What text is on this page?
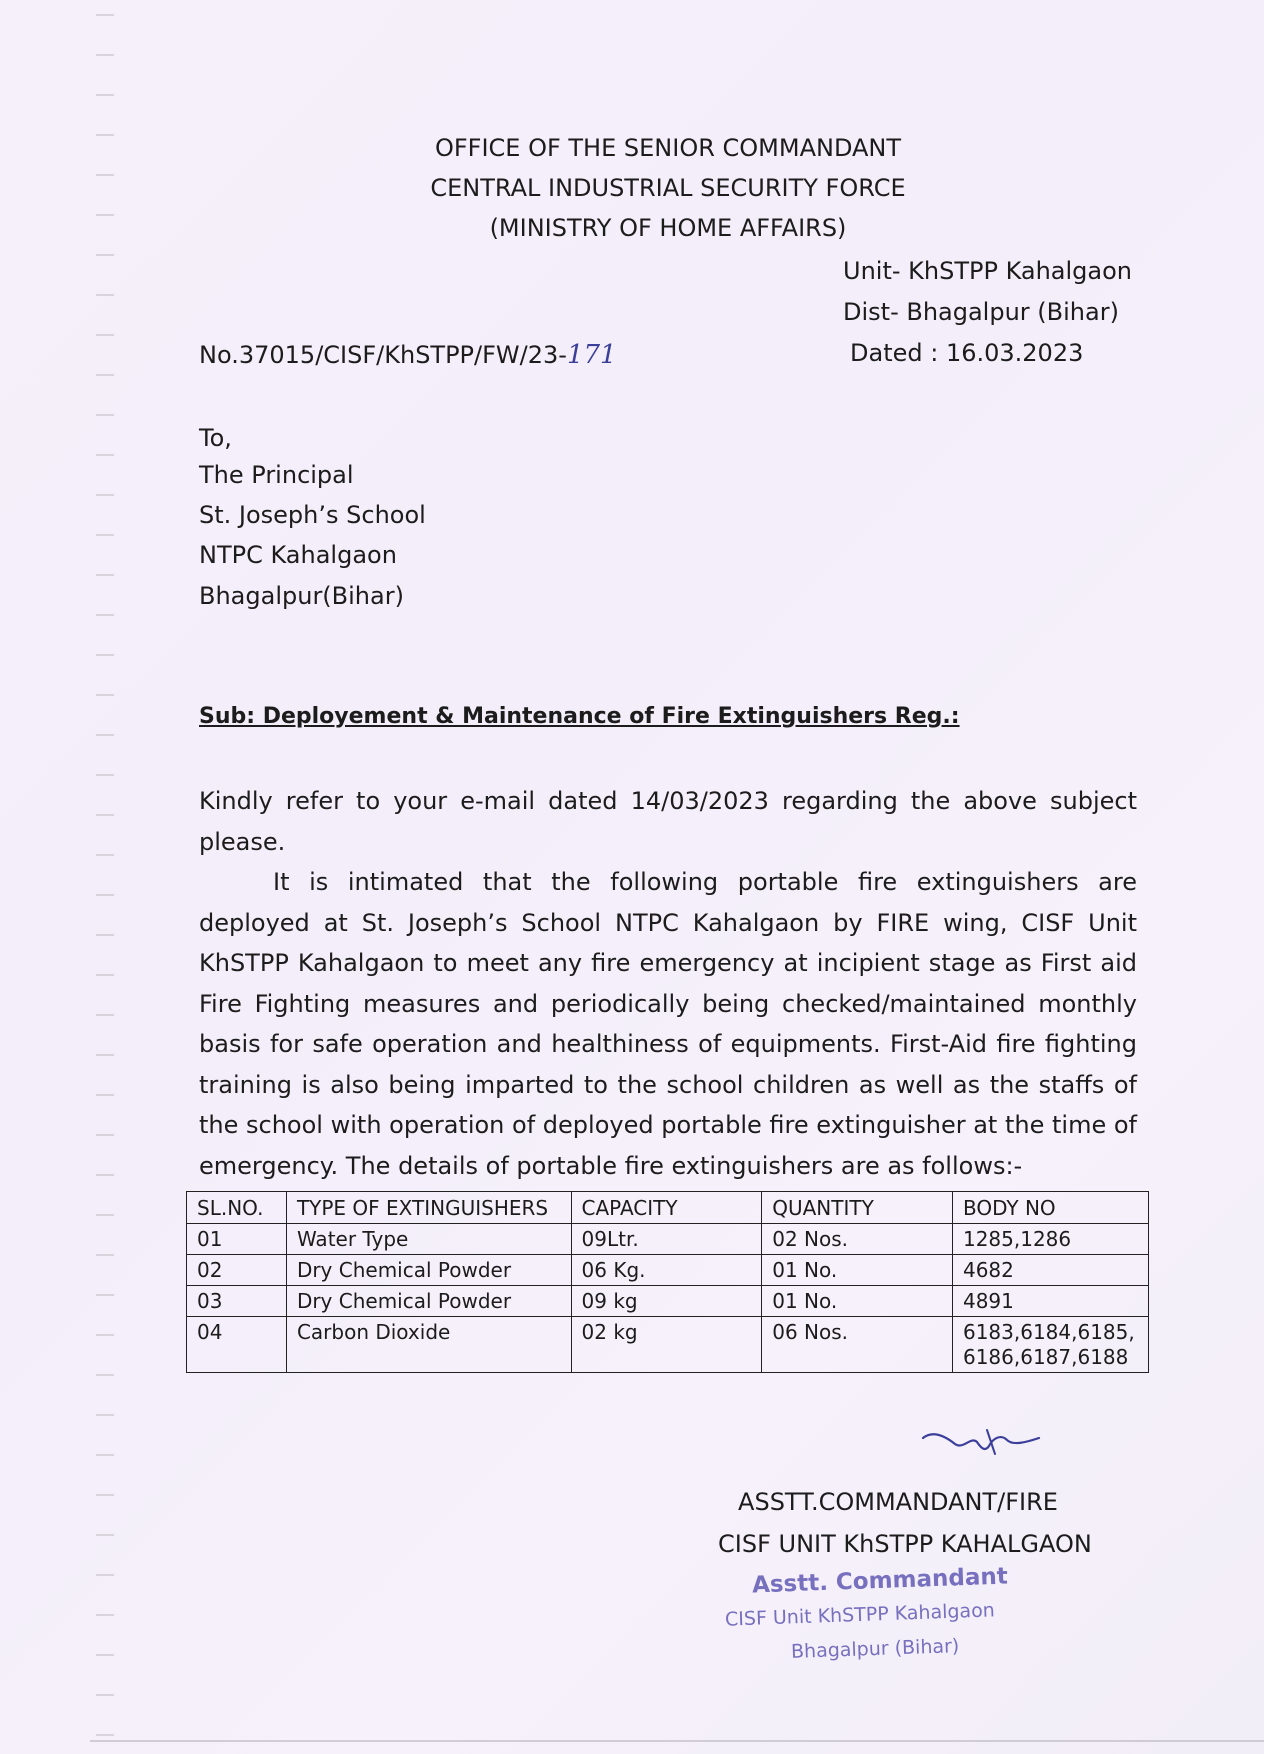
OFFICE OF THE SENIOR COMMANDANT
CENTRAL INDUSTRIAL SECURITY FORCE
(MINISTRY OF HOME AFFAIRS)
Unit- KhSTPP Kahalgaon
Dist- Bhagalpur (Bihar)
Dated : 16.03.2023
No.37015/CISF/KhSTPP/FW/23-171
To,
The Principal
St. Joseph’s School
NTPC Kahalgaon
Bhagalpur(Bihar)
Sub: Deployement & Maintenance of Fire Extinguishers Reg.:

Kindly refer to your e-mail dated 14/03/2023 regarding the above subject please.

It is intimated that the following portable fire extinguishers are deployed at St. Joseph’s School NTPC Kahalgaon by FIRE wing, CISF Unit KhSTPP Kahalgaon to meet any fire emergency at incipient stage as First aid Fire Fighting measures and periodically being checked/maintained monthly basis for safe operation and healthiness of equipments. First-Aid fire fighting training is also being imparted to the school children as well as the staffs of the school with operation of deployed portable fire extinguisher at the time of emergency. The details of portable fire extinguishers are as follows:-

SL.NO.	TYPE OF EXTINGUISHERS	CAPACITY	QUANTITY	BODY NO
01	Water Type	09Ltr.	02 Nos.	1285,1286
02	Dry Chemical Powder	06 Kg.	01 No.	4682
03	Dry Chemical Powder	09 kg	01 No.	4891
04	Carbon Dioxide	02 kg	06 Nos.	6183,6184,6185,
6186,6187,6188
ASSTT.COMMANDANT/FIRE
CISF UNIT KhSTPP KAHALGAON
Asstt. Commandant
CISF Unit KhSTPP Kahalgaon
Bhagalpur (Bihar)
